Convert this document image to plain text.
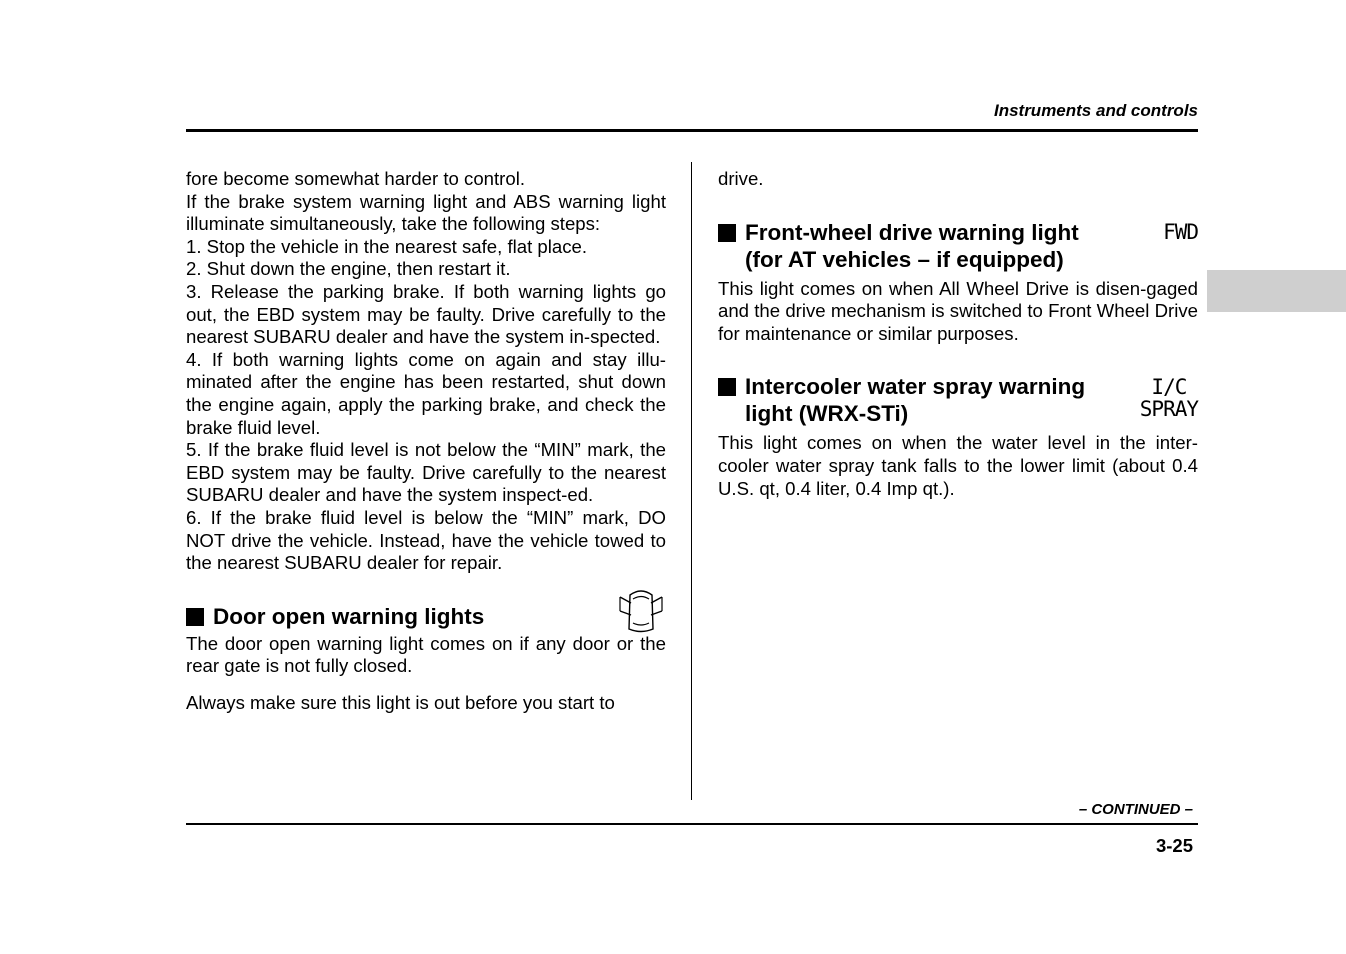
Instruments and controls

fore become somewhat harder to control.

If the brake system warning light and ABS warning light illuminate simultaneously, take the following steps:

1. Stop the vehicle in the nearest safe, flat place.

2. Shut down the engine, then restart it.

3. Release the parking brake. If both warning lights go out, the EBD system may be faulty. Drive carefully to the nearest SUBARU dealer and have the system in-spected.

4. If both warning lights come on again and stay illu-minated after the engine has been restarted, shut down the engine again, apply the parking brake, and check the brake fluid level.

5. If the brake fluid level is not below the “MIN” mark, the EBD system may be faulty. Drive carefully to the nearest SUBARU dealer and have the system inspect-ed.

6. If the brake fluid level is below the “MIN” mark, DO NOT drive the vehicle. Instead, have the vehicle towed to the nearest SUBARU dealer for repair.

Door open warning lights

The door open warning light comes on if any door or the rear gate is not fully closed.

Always make sure this light is out before you start to

drive.

Front-wheel drive warning light
(for AT vehicles – if equipped)
FWD

This light comes on when All Wheel Drive is disen-gaged and the drive mechanism is switched to Front Wheel Drive for maintenance or similar purposes.

Intercooler water spray warning
light (WRX-STi)
I/C
SPRAY

This light comes on when the water level in the inter-cooler water spray tank falls to the lower limit (about 0.4 U.S. qt, 0.4 liter, 0.4 Imp qt.).

– CONTINUED –
3-25
